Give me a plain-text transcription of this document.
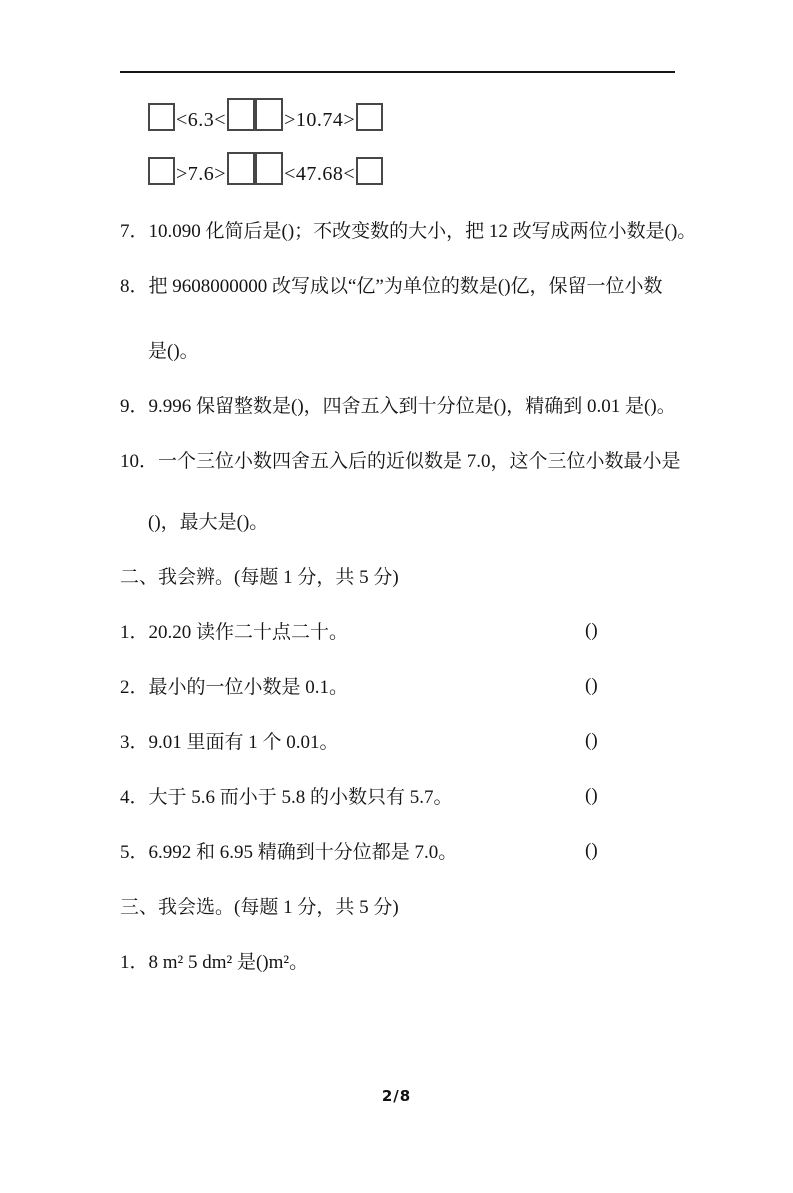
<6.3<	>10.74>
>7.6>	<47.68<
7．10.090 化简后是()；不改变数的大小，把 12 改写成两位小数是()。
8．把 9608000000 改写成以“亿”为单位的数是()亿，保留一位小数
是()。
9．9.996 保留整数是()，四舍五入到十分位是()，精确到 0.01 是()。
10．一个三位小数四舍五入后的近似数是 7.0，这个三位小数最小是
()，最大是()。
二、我会辨。(每题 1 分，共 5 分)
1．20.20 读作二十点二十。	()
2．最小的一位小数是 0.1。	()
3．9.01 里面有 1 个 0.01。	()
4．大于 5.6 而小于 5.8 的小数只有 5.7。	()
5．6.992 和 6.95 精确到十分位都是 7.0。	()
三、我会选。(每题 1 分，共 5 分)
1．8 m² 5 dm² 是()m²。
2/8
